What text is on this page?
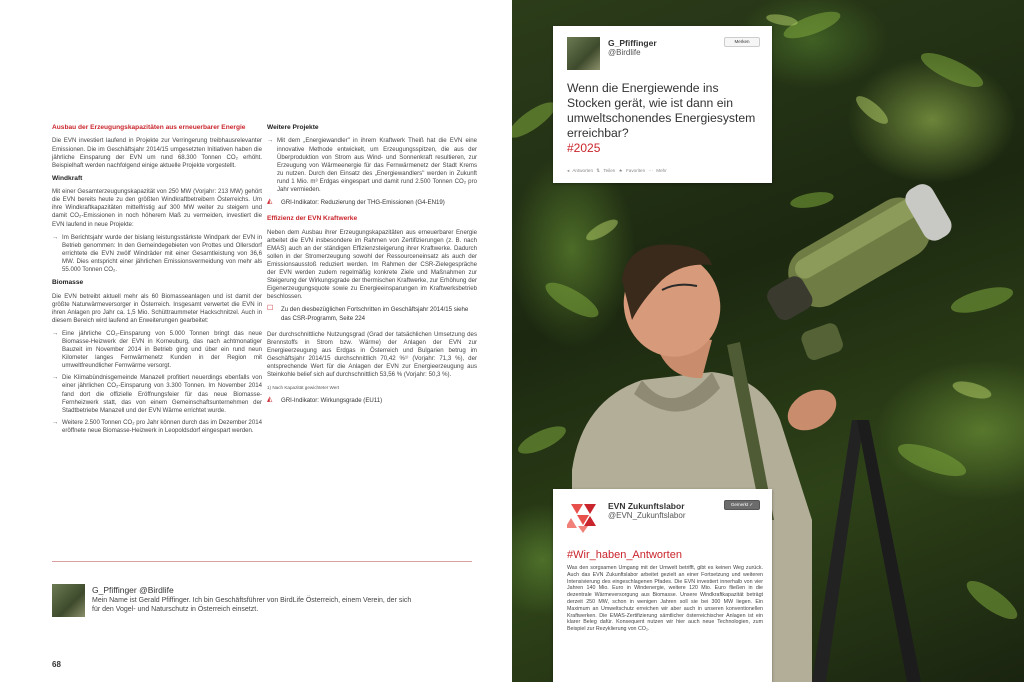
Ausbau der Erzeugungskapazitäten aus erneuerbarer Energie

Die EVN investiert laufend in Projekte zur Verringerung treibhausrelevanter Emissionen. Die im Geschäftsjahr 2014/15 umgesetzten Initiativen haben die jährliche Einsparung der EVN um rund 68.300 Tonnen CO₂ erhöht. Beispielhaft werden nachfolgend einige aktuelle Projekte vorgestellt.

Windkraft

Mit einer Gesamterzeugungskapazität von 250 MW (Vorjahr: 213 MW) gehört die EVN bereits heute zu den größten Windkraftbetreibern Österreichs. Um ihre Windkraftkapazitäten mittelfristig auf 300 MW weiter zu steigern und damit CO₂-Emissionen in noch höherem Maß zu vermeiden, investiert die EVN laufend in neue Projekte:

→ Im Berichtsjahr wurde der bislang leistungsstärkste Windpark der EVN in Betrieb genommen: In den Gemeindegebieten von Prottes und Ollersdorf errichtete die EVN zwölf Windräder mit einer Gesamtleistung von 36,6 MW. Dies entspricht einer jährlichen Emissionsvermeidung von mehr als 55.000 Tonnen CO₂.

Biomasse

Die EVN betreibt aktuell mehr als 60 Biomasseanlagen und ist damit der größte Naturwärmeversorger in Österreich. Insgesamt verwertet die EVN in ihren Anlagen pro Jahr ca. 1,5 Mio. Schüttraummeter Hackschnitzel. Auch in diesem Bereich wird laufend an Erweiterungen gearbeitet:

→ Eine jährliche CO₂-Einsparung von 5.000 Tonnen bringt das neue Biomasse-Heizwerk der EVN in Korneuburg, das nach achtmonatiger Bauzeit im November 2014 in Betrieb ging und über ein rund neun Kilometer langes Fernwärmenetz Kunden in der Region mit umweltfreundlicher Fernwärme versorgt.
→ Die Klimabündnisgemeinde Manazell profitiert neuerdings ebenfalls von einer jährlichen CO₂-Einsparung von 3.300 Tonnen. Im November 2014 fand dort die offizielle Eröffnungsfeier für das neue Biomasse-Fernheizwerk statt, das von einem Gemeinschaftsunternehmen der Stadtbetriebe Manazell und der EVN Wärme errichtet wurde.
→ Weitere 2.500 Tonnen CO₂ pro Jahr können durch das im Dezember 2014 eröffnete neue Biomasse-Heizwerk in Leopoldsdorf eingespart werden.

Weitere Projekte

→ Mit dem „Energiewandler" in ihrem Kraftwerk Theiß hat die EVN eine innovative Methode entwickelt, um Erzeugungsspitzen, die aus der Überproduktion von Strom aus Wind- und Sonnenkraft resultieren, zur Erzeugung von Wärmeenergie für das Fernwärmenetz der Stadt Krems zu nutzen. Durch den Einsatz des „Energiewandlers" werden in Zukunft rund 1 Mio. m³ Erdgas eingespart und damit rund 2.500 Tonnen CO₂ pro Jahr vermieden.
◭ GRI-Indikator: Reduzierung der THG-Emissionen (G4-EN19)

Effizienz der EVN Kraftwerke

Neben dem Ausbau ihrer Erzeugungskapazitäten aus erneuerbarer Energie arbeitet die EVN insbesondere im Rahmen von Zertifizierungen (z. B. nach EMAS) auch an der ständigen Effizienzsteigerung ihrer Kraftwerke. Dadurch sollen in der Stromerzeugung sowohl der Ressourceneinsatz als auch der Emissionsausstoß reduziert werden. Im Rahmen der CSR-Zielegespräche der EVN werden zudem regelmäßig konkrete Ziele und Maßnahmen zur Steigerung der Wirkungsgrade der thermischen Kraftwerke, zur Erhöhung der Eigenerzeugungsquote sowie zu Energieeinsparungen im Kraftwerksbetrieb beschlossen.

☐ Zu den diesbezüglichen Fortschritten im Geschäftsjahr 2014/15 siehe das CSR-Programm, Seite 224

Der durchschnittliche Nutzungsgrad (Grad der tatsächlichen Umsetzung des Brennstoffs in Strom bzw. Wärme) der Anlagen der EVN zur Energieerzeugung aus Erdgas in Österreich und Bulgarien betrug im Geschäftsjahr 2014/15 durchschnittlich 70,42 %¹⁾ (Vorjahr: 71,3 %), der entsprechende Wert für die Anlagen der EVN zur Energieerzeugung aus Steinkohle belief sich auf durchschnittlich 53,56 % (Vorjahr: 50,3 %).

1) Nach Kapazität gewichteter Wert

◭ GRI-Indikator: Wirkungsgrade (EU11)
G_Pfiffinger @Birdlife
Mein Name ist Gerald Pfiffinger. Ich bin Geschäftsführer von BirdLife Österreich, einem Verein, der sich für den Vogel- und Naturschutz in Österreich einsetzt.
68
G_Pfiffinger
@Birdlife
Merken
Wenn die Energiewende ins Stocken gerät, wie ist dann ein umweltschonendes Energiesystem erreichbar?
#2025
◂ Antworten ⇅ Teilen ★ Favoriten ··· Mehr
EVN Zukunftslabor
@EVN_Zukunftslabor
Gemerkt ✓
#Wir_haben_Antworten
Was den sorgsamen Umgang mit der Umwelt betrifft, gibt es keinen Weg zurück. Auch das EVN Zukunftslabor arbeitet gezielt an einer Fortsetzung und weiteren Intensivierung des eingeschlagenen Pfades. Die EVN investiert innerhalb von vier Jahren 140 Mio. Euro in Windenergie, weitere 120 Mio. Euro fließen in die dezentrale Wärmeversorgung aus Biomasse. Unsere Windkraftkapazität beträgt derzeit 250 MW, schon in wenigen Jahren soll sie bei 300 MW liegen. Ein Maximum an Umweltschutz erreichen wir aber auch in unseren konventionellen Kraftwerken. Die EMAS-Zertifizierung sämtlicher österreichischer Anlagen ist ein klarer Beleg dafür. Konsequent nutzen wir hier auch neue Technologien, zum Beispiel zur Rezyklierung von CO₂.
